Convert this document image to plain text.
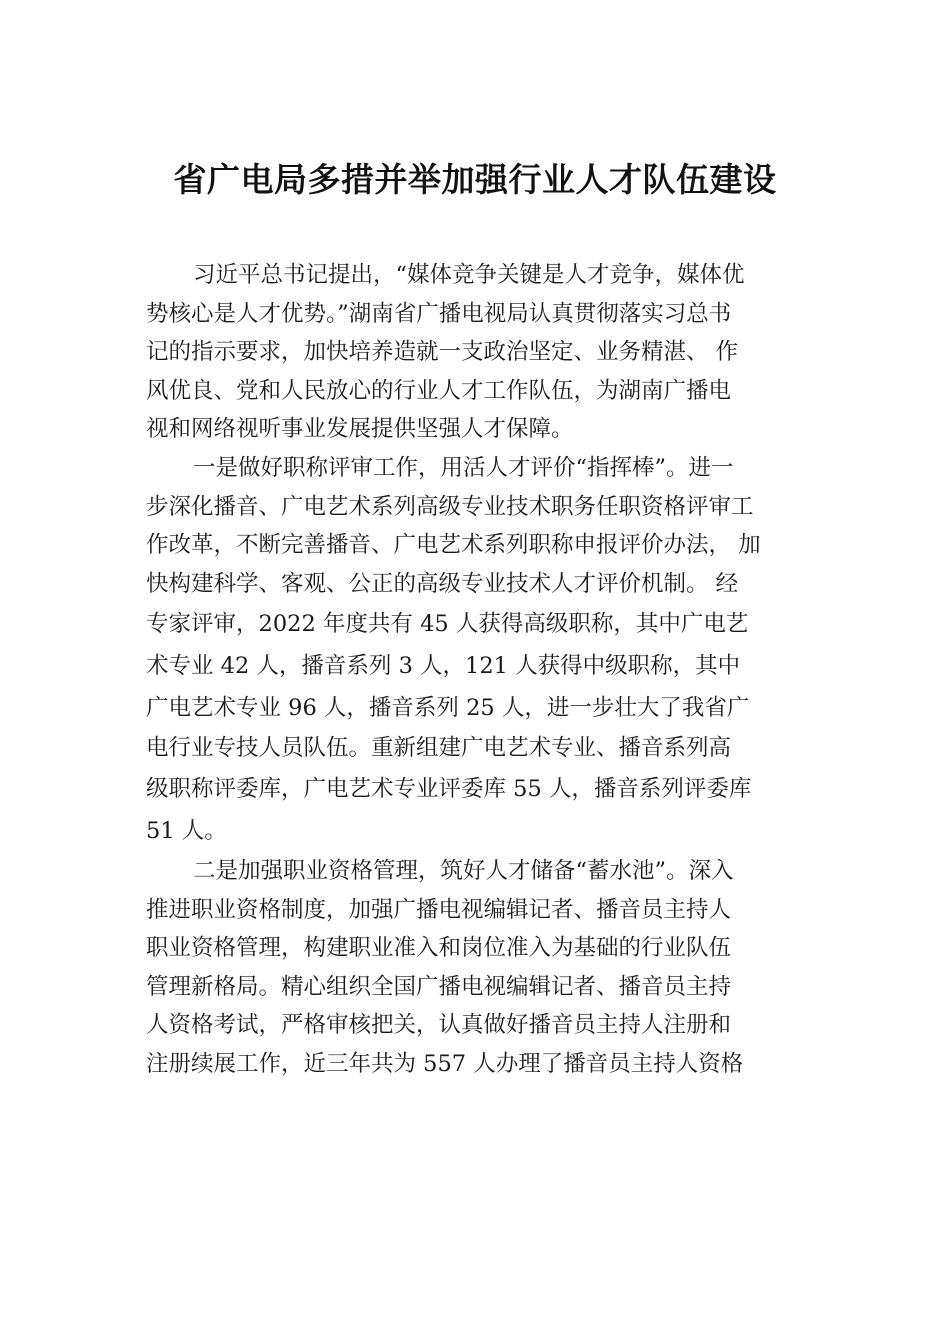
省广电局多措并举加强行业人才队伍建设
习近平总书记提出，“媒体竞争关键是人才竞争，媒体优
势核心是人才优势。”湖南省广播电视局认真贯彻落实习总书
记的指示要求，加快培养造就一支政治坚定、业务精湛、 作
风优良、党和人民放心的行业人才工作队伍，为湖南广播电
视和网络视听事业发展提供坚强人才保障。
一是做好职称评审工作，用活人才评价“指挥棒”。进一
步深化播音、广电艺术系列高级专业技术职务任职资格评审工
作改革，不断完善播音、广电艺术系列职称申报评价办法， 加
快构建科学、客观、公正的高级专业技术人才评价机制。 经
专家评审，2022 年度共有 45 人获得高级职称，其中广电艺
术专业 42 人，播音系列 3 人，121 人获得中级职称，其中
广电艺术专业 96 人，播音系列 25 人，进一步壮大了我省广
电行业专技人员队伍。重新组建广电艺术专业、播音系列高
级职称评委库，广电艺术专业评委库 55 人，播音系列评委库
51 人。
二是加强职业资格管理，筑好人才储备“蓄水池”。深入
推进职业资格制度，加强广播电视编辑记者、播音员主持人
职业资格管理，构建职业准入和岗位准入为基础的行业队伍
管理新格局。精心组织全国广播电视编辑记者、播音员主持
人资格考试，严格审核把关，认真做好播音员主持人注册和
注册续展工作，近三年共为 557 人办理了播音员主持人资格
